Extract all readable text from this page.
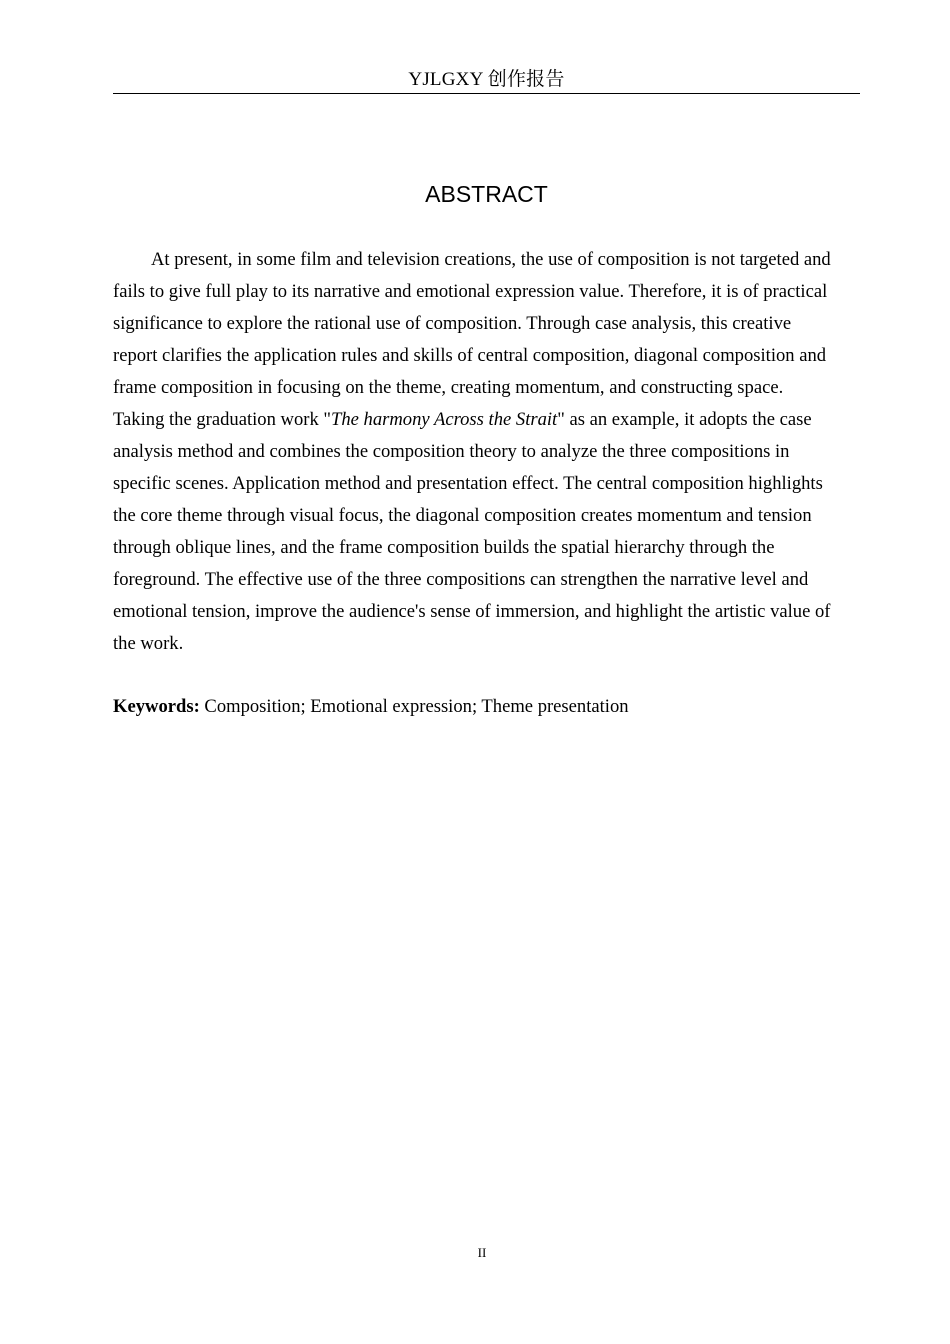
YJLGXY 创作报告
ABSTRACT
At present, in some film and television creations, the use of composition is not targeted and
fails to give full play to its narrative and emotional expression value. Therefore, it is of practical
significance to explore the rational use of composition. Through case analysis, this creative
report clarifies the application rules and skills of central composition, diagonal composition and
frame composition in focusing on the theme, creating momentum, and constructing space.
Taking the graduation work "The harmony Across the Strait" as an example, it adopts the case
analysis method and combines the composition theory to analyze the three compositions in
specific scenes. Application method and presentation effect. The central composition highlights
the core theme through visual focus, the diagonal composition creates momentum and tension
through oblique lines, and the frame composition builds the spatial hierarchy through the
foreground. The effective use of the three compositions can strengthen the narrative level and
emotional tension, improve the audience's sense of immersion, and highlight the artistic value of
the work.

Keywords: Composition; Emotional expression; Theme presentation

II
